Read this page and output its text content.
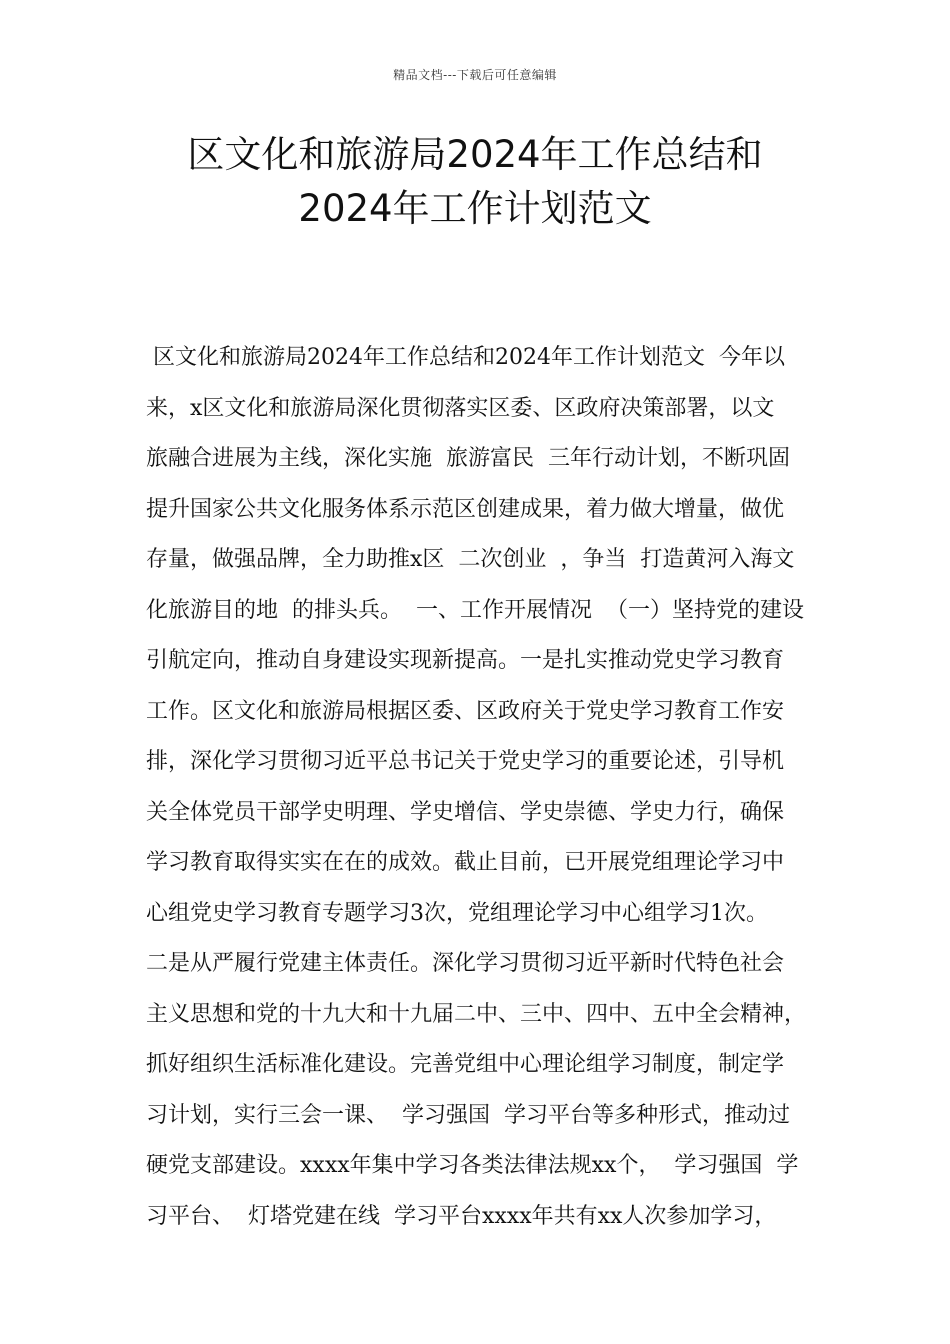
精品文档---下载后可任意编辑
区文化和旅游局2024年工作总结和
2024年工作计划范文
区文化和旅游局2024年工作总结和2024年工作计划范文  今年以
来，x区文化和旅游局深化贯彻落实区委、区政府决策部署，以文
旅融合进展为主线，深化实施  旅游富民  三年行动计划，不断巩固
提升国家公共文化服务体系示范区创建成果，着力做大增量，做优
存量，做强品牌，全力助推x区  二次创业  ，争当  打造黄河入海文
化旅游目的地  的排头兵。  一、工作开展情况  （一）坚持党的建设
引航定向，推动自身建设实现新提高。一是扎实推动党史学习教育
工作。区文化和旅游局根据区委、区政府关于党史学习教育工作安
排，深化学习贯彻习近平总书记关于党史学习的重要论述，引导机
关全体党员干部学史明理、学史增信、学史崇德、学史力行，确保
学习教育取得实实在在的成效。截止目前，已开展党组理论学习中
心组党史学习教育专题学习3次，党组理论学习中心组学习1次。
二是从严履行党建主体责任。深化学习贯彻习近平新时代特色社会
主义思想和党的十九大和十九届二中、三中、四中、五中全会精神，
抓好组织生活标准化建设。完善党组中心理论组学习制度，制定学
习计划，实行三会一课、  学习强国  学习平台等多种形式，推动过
硬党支部建设。xxxx年集中学习各类法律法规xx个，  学习强国  学
习平台、  灯塔党建在线  学习平台xxxx年共有xx人次参加学习，
